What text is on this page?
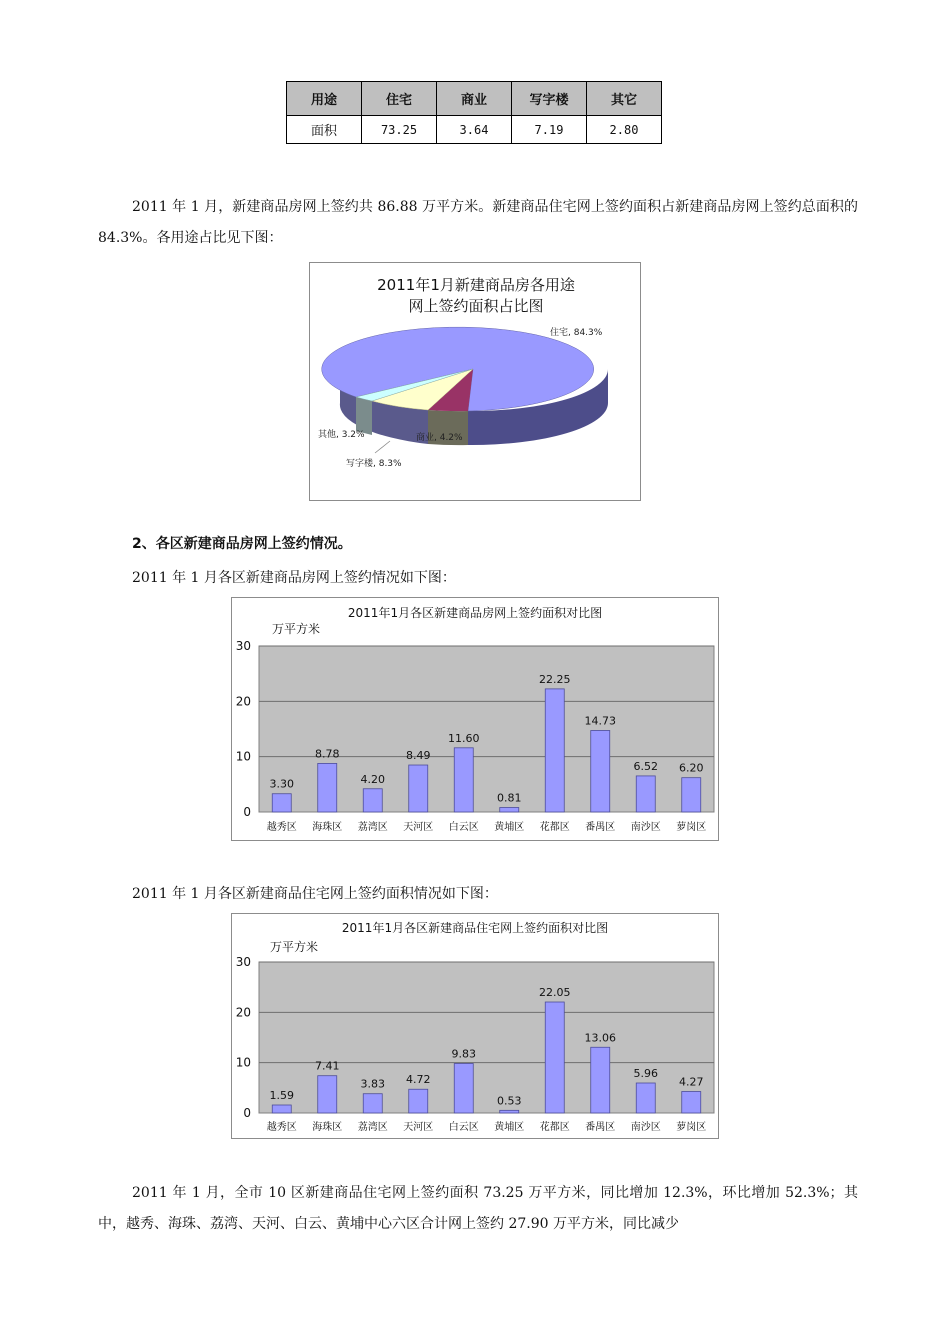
用途	住宅	商业	写字楼	其它
面积	73.25	3.64	7.19	2.80

2011 年 1 月，新建商品房网上签约共 86.88 万平方米。新建商品住宅网上签约面积占新建商品房网上签约总面积的 84.3%。各用途占比见下图：

2011年1月新建商品房各用途
网上签约面积占比图
住宅, 84.3%
商业, 4.2%
写字楼, 8.3%
其他, 3.2%

2、各区新建商品房网上签约情况。

2011 年 1 月各区新建商品房网上签约情况如下图：

2011年1月各区新建商品房网上签约面积对比图
万平方米
0
10
20
30
3.30
越秀区
8.78
海珠区
4.20
荔湾区
8.49
天河区
11.60
白云区
0.81
黄埔区
22.25
花都区
14.73
番禺区
6.52
南沙区
6.20
萝岗区

2011 年 1 月各区新建商品住宅网上签约面积情况如下图：

2011年1月各区新建商品住宅网上签约面积对比图
万平方米
0
10
20
30
1.59
越秀区
7.41
海珠区
3.83
荔湾区
4.72
天河区
9.83
白云区
0.53
黄埔区
22.05
花都区
13.06
番禺区
5.96
南沙区
4.27
萝岗区

2011 年 1 月，全市 10 区新建商品住宅网上签约面积 73.25 万平方米，同比增加 12.3%，环比增加 52.3%；其中，越秀、海珠、荔湾、天河、白云、黄埔中心六区合计网上签约 27.90 万平方米，同比减少
